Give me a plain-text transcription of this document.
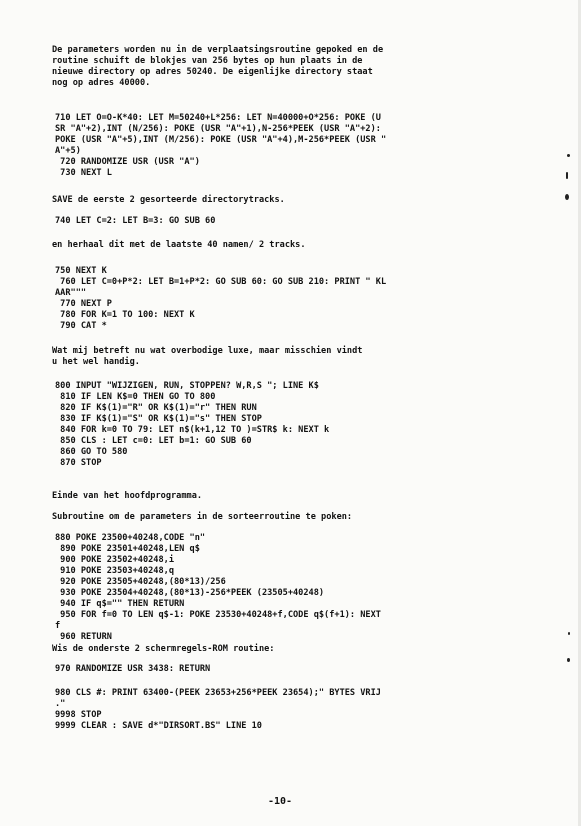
De parameters worden nu in de verplaatsingsroutine gepoked en de
routine schuift de blokjes van 256 bytes op hun plaats in de
nieuwe directory op adres 50240. De eigenlijke directory staat
nog op adres 40000.
710 LET O=O-K*40: LET M=50240+L*256: LET N=40000+O*256: POKE (U
SR "A"+2),INT (N/256): POKE (USR "A"+1),N-256*PEEK (USR "A"+2):
POKE (USR "A"+5),INT (M/256): POKE (USR "A"+4),M-256*PEEK (USR "
A"+5)
720 RANDOMIZE USR (USR "A")
730 NEXT L
SAVE de eerste 2 gesorteerde directorytracks.
740 LET C=2: LET B=3: GO SUB 60
en herhaal dit met de laatste 40 namen/ 2 tracks.
750 NEXT K
760 LET C=0+P*2: LET B=1+P*2: GO SUB 60: GO SUB 210: PRINT " KL
AAR"""
770 NEXT P
780 FOR K=1 TO 100: NEXT K
790 CAT *
Wat mij betreft nu wat overbodige luxe, maar misschien vindt
u het wel handig.
800 INPUT "WIJZIGEN, RUN, STOPPEN? W,R,S "; LINE K$
810 IF LEN K$=0 THEN GO TO 800
820 IF K$(1)="R" OR K$(1)="r" THEN RUN
830 IF K$(1)="S" OR K$(1)="s" THEN STOP
840 FOR k=0 TO 79: LET n$(k+1,12 TO )=STR$ k: NEXT k
850 CLS : LET c=0: LET b=1: GO SUB 60
860 GO TO 580
870 STOP
Einde van het hoofdprogramma.
Subroutine om de parameters in de sorteerroutine te poken:
880 POKE 23500+40248,CODE "n"
890 POKE 23501+40248,LEN q$
900 POKE 23502+40248,i
910 POKE 23503+40248,q
920 POKE 23505+40248,(80*13)/256
930 POKE 23504+40248,(80*13)-256*PEEK (23505+40248)
940 IF q$="" THEN RETURN
950 FOR f=0 TO LEN q$-1: POKE 23530+40248+f,CODE q$(f+1): NEXT
f
960 RETURN
Wis de onderste 2 schermregels-ROM routine:
970 RANDOMIZE USR 3438: RETURN
980 CLS #: PRINT 63400-(PEEK 23653+256*PEEK 23654);" BYTES VRIJ
."
9998 STOP
9999 CLEAR : SAVE d*"DIRSORT.BS" LINE 10
-10-
